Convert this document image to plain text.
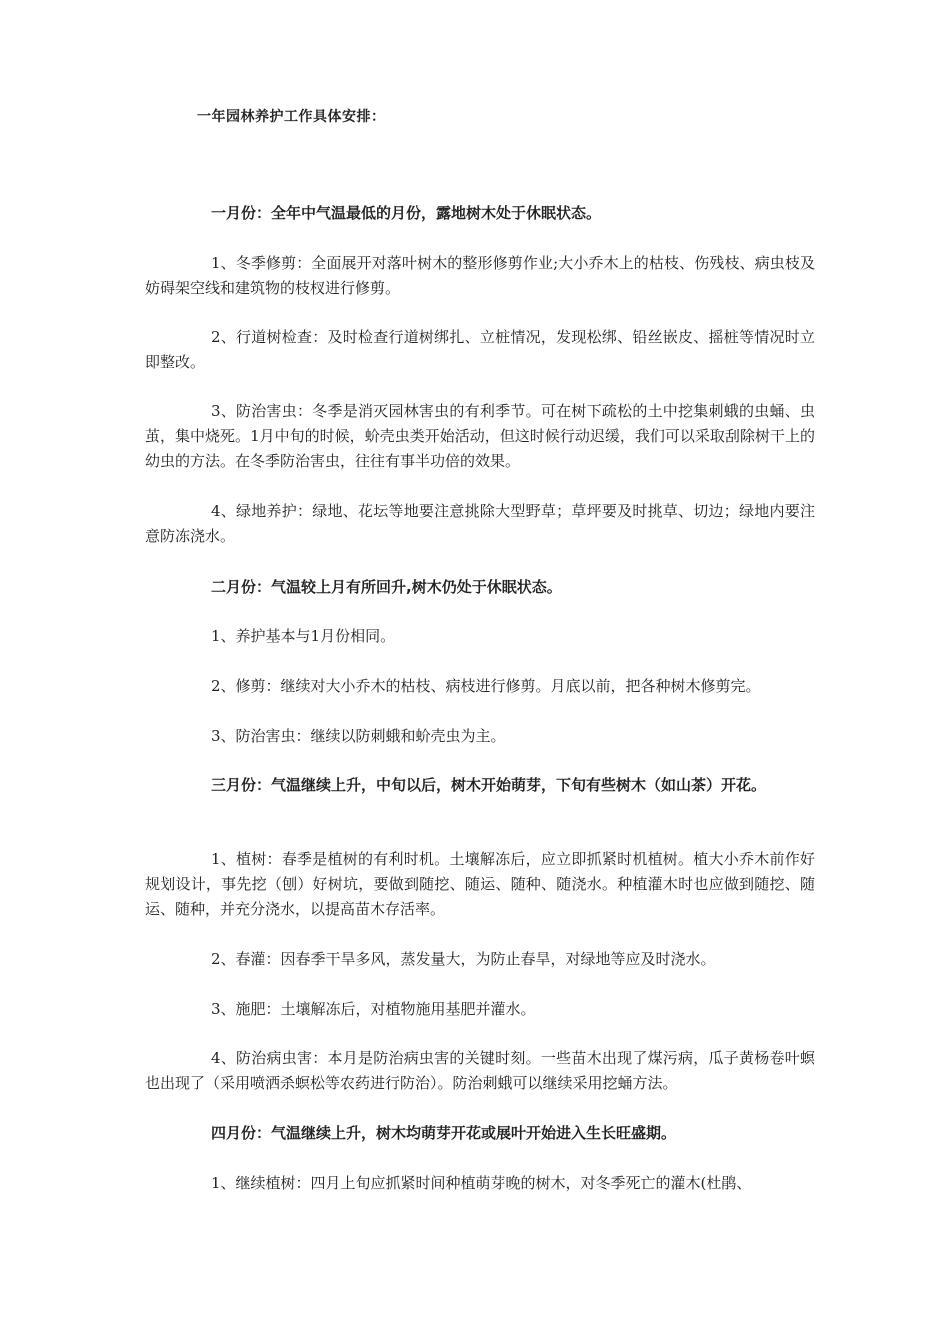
一年园林养护工作具体安排：

一月份：全年中气温最低的月份，露地树木处于休眠状态。

1、冬季修剪：全面展开对落叶树木的整形修剪作业;大小乔木上的枯枝、伤残枝、病虫枝及妨碍架空线和建筑物的枝杈进行修剪。

2、行道树检查：及时检查行道树绑扎、立桩情况，发现松绑、铅丝嵌皮、摇桩等情况时立即整改。

3、防治害虫：冬季是消灭园林害虫的有利季节。可在树下疏松的土中挖集刺蛾的虫蛹、虫茧，集中烧死。1月中旬的时候，蚧壳虫类开始活动，但这时候行动迟缓，我们可以采取刮除树干上的幼虫的方法。在冬季防治害虫，往往有事半功倍的效果。

4、绿地养护：绿地、花坛等地要注意挑除大型野草；草坪要及时挑草、切边；绿地内要注意防冻浇水。

二月份：气温较上月有所回升,树木仍处于休眠状态。

1、养护基本与1月份相同。

2、修剪：继续对大小乔木的枯枝、病枝进行修剪。月底以前，把各种树木修剪完。

3、防治害虫：继续以防刺蛾和蚧壳虫为主。

三月份：气温继续上升，中旬以后，树木开始萌芽，下旬有些树木（如山茶）开花。

1、植树：春季是植树的有利时机。土壤解冻后，应立即抓紧时机植树。植大小乔木前作好规划设计，事先挖（刨）好树坑，要做到随挖、随运、随种、随浇水。种植灌木时也应做到随挖、随运、随种，并充分浇水，以提高苗木存活率。

2、春灌：因春季干旱多风，蒸发量大，为防止春旱，对绿地等应及时浇水。

3、施肥：土壤解冻后，对植物施用基肥并灌水。

4、防治病虫害：本月是防治病虫害的关键时刻。一些苗木出现了煤污病，瓜子黄杨卷叶螟也出现了（采用喷洒杀螟松等农药进行防治）。防治刺蛾可以继续采用挖蛹方法。

四月份：气温继续上升，树木均萌芽开花或展叶开始进入生长旺盛期。

1、继续植树：四月上旬应抓紧时间种植萌芽晚的树木，对冬季死亡的灌木(杜鹃、
